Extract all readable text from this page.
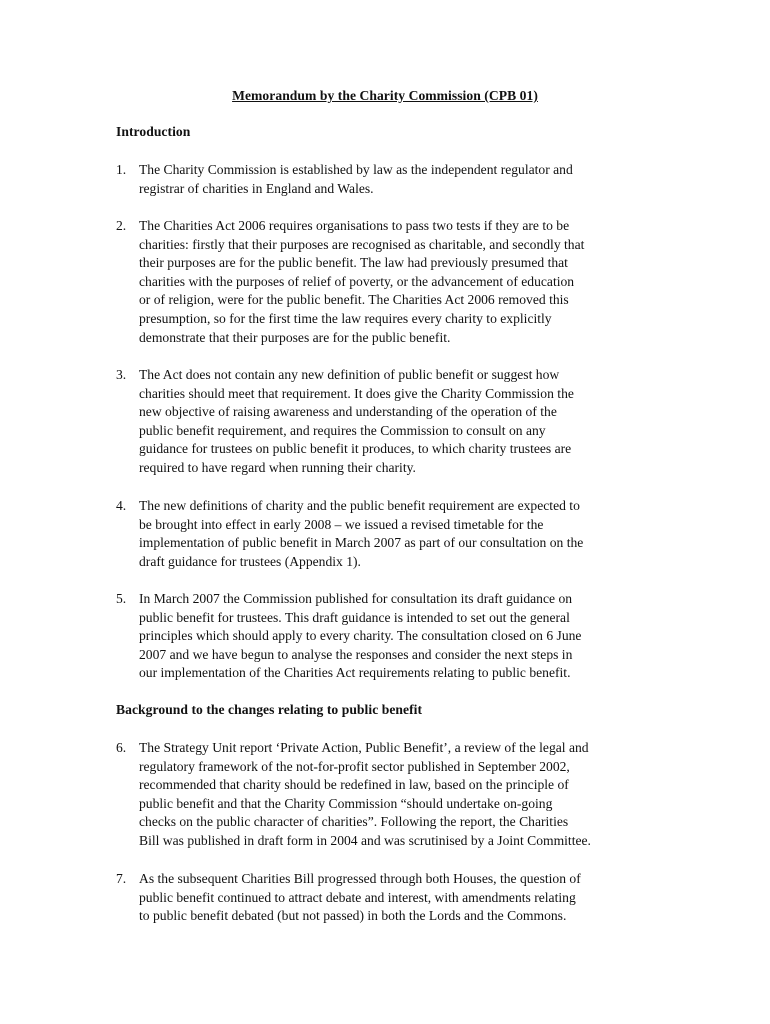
Memorandum by the Charity Commission (CPB 01)
Introduction
1. The Charity Commission is established by law as the independent regulator and
registrar of charities in England and Wales.
2. The Charities Act 2006 requires organisations to pass two tests if they are to be
charities: firstly that their purposes are recognised as charitable, and secondly that
their purposes are for the public benefit. The law had previously presumed that
charities with the purposes of relief of poverty, or the advancement of education
or of religion, were for the public benefit. The Charities Act 2006 removed this
presumption, so for the first time the law requires every charity to explicitly
demonstrate that their purposes are for the public benefit.
3. The Act does not contain any new definition of public benefit or suggest how
charities should meet that requirement. It does give the Charity Commission the
new objective of raising awareness and understanding of the operation of the
public benefit requirement, and requires the Commission to consult on any
guidance for trustees on public benefit it produces, to which charity trustees are
required to have regard when running their charity.
4. The new definitions of charity and the public benefit requirement are expected to
be brought into effect in early 2008 – we issued a revised timetable for the
implementation of public benefit in March 2007 as part of our consultation on the
draft guidance for trustees (Appendix 1).
5. In March 2007 the Commission published for consultation its draft guidance on
public benefit for trustees. This draft guidance is intended to set out the general
principles which should apply to every charity. The consultation closed on 6 June
2007 and we have begun to analyse the responses and consider the next steps in
our implementation of the Charities Act requirements relating to public benefit.
Background to the changes relating to public benefit
6. The Strategy Unit report ‘Private Action, Public Benefit’, a review of the legal and
regulatory framework of the not-for-profit sector published in September 2002,
recommended that charity should be redefined in law, based on the principle of
public benefit and that the Charity Commission “should undertake on-going
checks on the public character of charities”. Following the report, the Charities
Bill was published in draft form in 2004 and was scrutinised by a Joint Committee.
7. As the subsequent Charities Bill progressed through both Houses, the question of
public benefit continued to attract debate and interest, with amendments relating
to public benefit debated (but not passed) in both the Lords and the Commons.
